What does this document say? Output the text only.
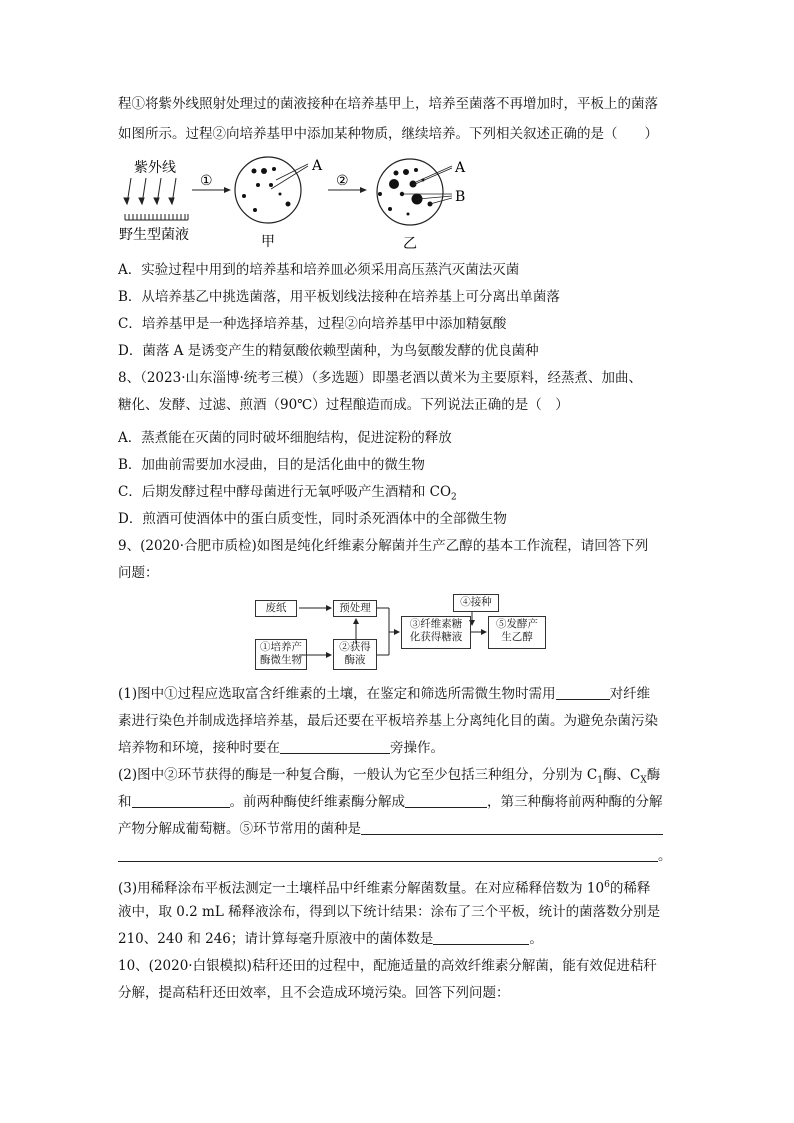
程①将紫外线照射处理过的菌液接种在培养基甲上，培养至菌落不再增加时，平板上的菌落
如图所示。过程②向培养基甲中添加某种物质，继续培养。下列相关叙述正确的是（　　）
紫外线
①	②
A	A
B
野生型菌液	甲	乙
A．实验过程中用到的培养基和培养皿必须采用高压蒸汽灭菌法灭菌
B．从培养基乙中挑选菌落，用平板划线法接种在培养基上可分离出单菌落
C．培养基甲是一种选择培养基，过程②向培养基甲中添加精氨酸
D．菌落 A 是诱变产生的精氨酸依赖型菌种，为鸟氨酸发酵的优良菌种
8、（2023·山东淄博·统考三模）（多选题）即墨老酒以黄米为主要原料，经蒸煮、加曲、
糖化、发酵、过滤、煎酒（90℃）过程酿造而成。下列说法正确的是（　）
A．蒸煮能在灭菌的同时破坏细胞结构，促进淀粉的释放
B．加曲前需要加水浸曲，目的是活化曲中的微生物
C．后期发酵过程中酵母菌进行无氧呼吸产生酒精和 $CO_2$
D．煎酒可使酒体中的蛋白质变性，同时杀死酒体中的全部微生物
9、(2020·合肥市质检)如图是纯化纤维素分解菌并生产乙醇的基本工作流程，请回答下列
问题：
废纸	预处理
③纤维素糖
化获得糖液
④接种
⑤发酵产
生乙醇
①培养产
酶微生物
②获得
酶液
(1)图中①过程应选取富含纤维素的土壤，在鉴定和筛选所需微生物时需用	对纤维
素进行染色并制成选择培养基，最后还要在平板培养基上分离纯化目的菌。为避免杂菌污染
培养物和环境，接种时要在	旁操作。
(2)图中②环节获得的酶是一种复合酶，一般认为它至少包括三种组分，分别为 $C_1$酶、$C_X$酶
和	。前两种酶使纤维素酶分解成	，第三种酶将前两种酶的分解
产物分解成葡萄糖。⑤环节常用的菌种是
。
(3)用稀释涂布平板法测定一土壤样品中纤维素分解菌数量。在对应稀释倍数为 $10^6$的稀释
液中，取 0.2 mL 稀释液涂布，得到以下统计结果：涂布了三个平板，统计的菌落数分别是
210、240 和 246；请计算每毫升原液中的菌体数是	。
10、(2020·白银模拟)秸秆还田的过程中，配施适量的高效纤维素分解菌，能有效促进秸秆
分解，提高秸秆还田效率，且不会造成环境污染。回答下列问题：
